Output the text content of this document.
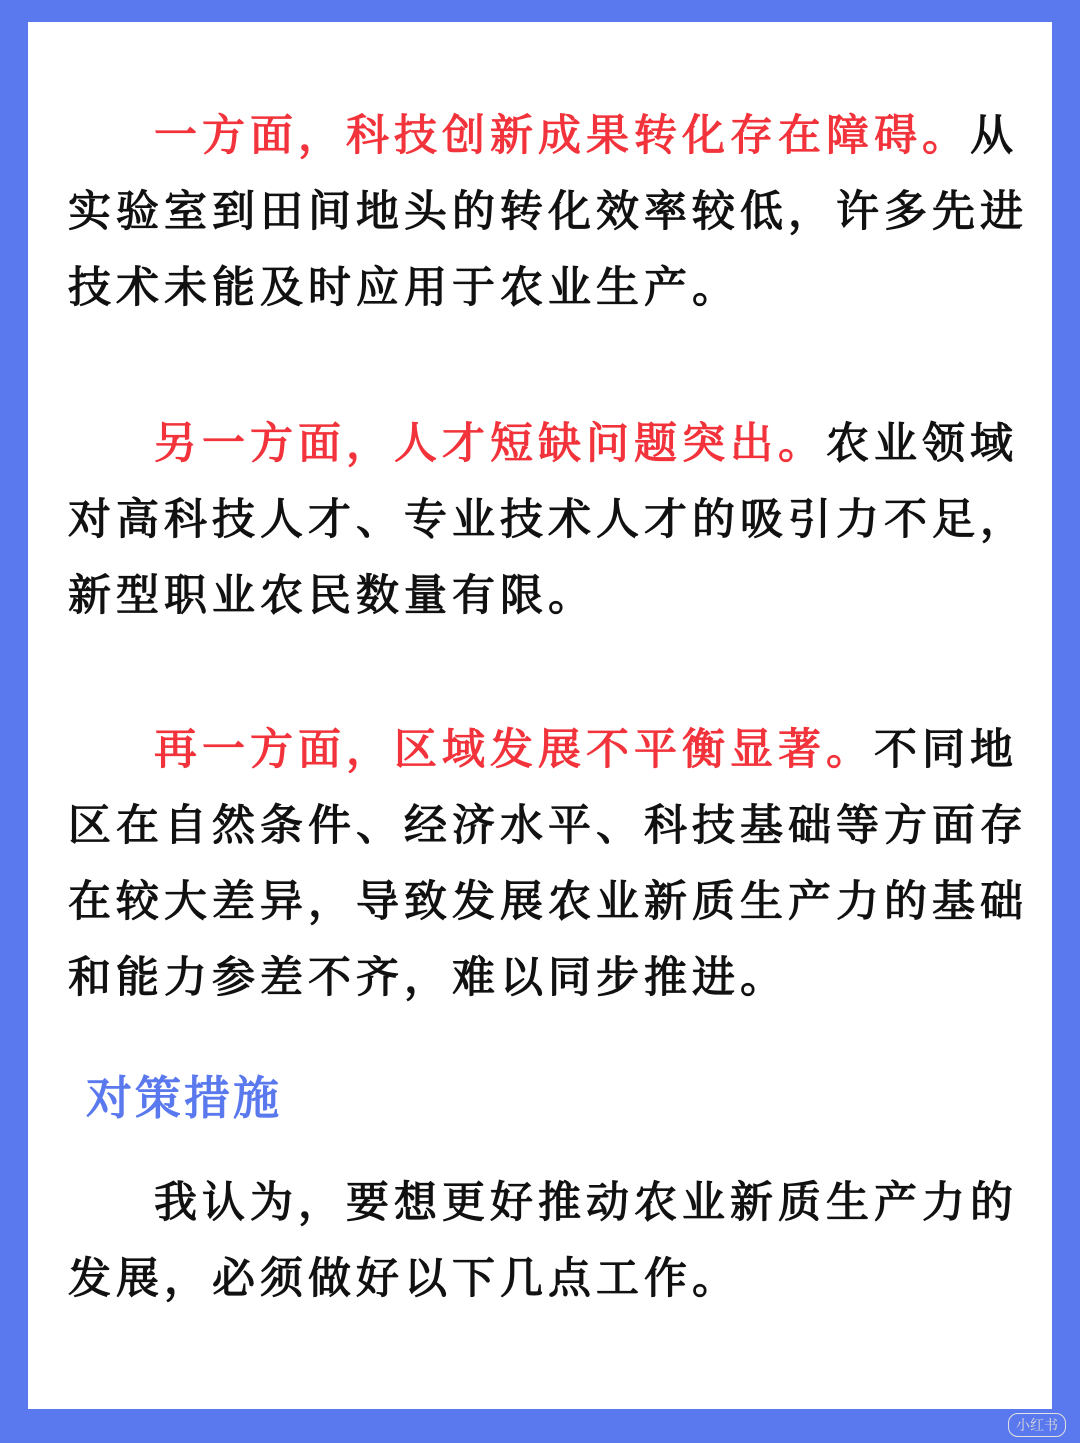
一方面，科技创新成果转化存在障碍。从实验室到田间地头的转化效率较低，许多先进技术未能及时应用于农业生产。

另一方面，人才短缺问题突出。农业领域对高科技人才、专业技术人才的吸引力不足，新型职业农民数量有限。

再一方面，区域发展不平衡显著。不同地区在自然条件、经济水平、科技基础等方面存在较大差异，导致发展农业新质生产力的基础和能力参差不齐，难以同步推进。

对策措施

我认为，要想更好推动农业新质生产力的发展，必须做好以下几点工作。

小红书
